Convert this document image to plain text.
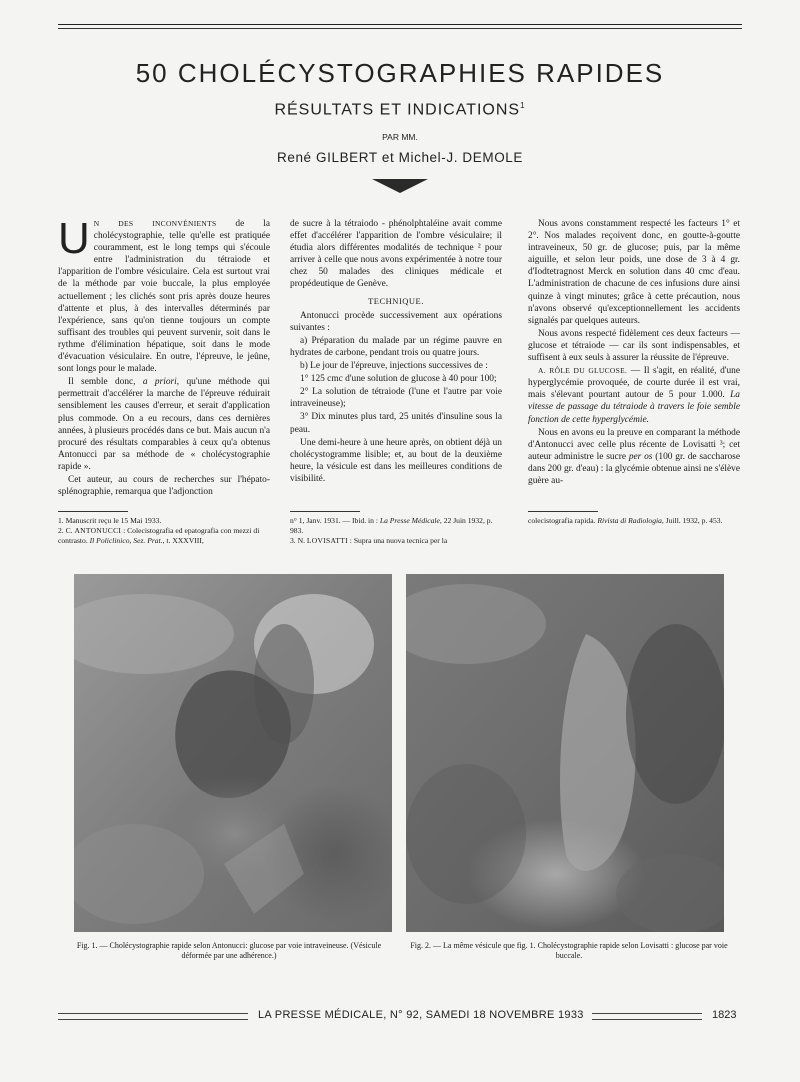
50 CHOLÉCYSTOGRAPHIES RAPIDES
RÉSULTATS ET INDICATIONS$^1$
PAR MM.
René GILBERT et Michel-J. DEMOLE

U N DES INCONVÉNIENTS de la cholécystographie, telle qu'elle est pratiquée couramment, est le long temps qui s'écoule entre l'administration du tétraiode et l'apparition de l'ombre vésiculaire. Cela est surtout vrai de la méthode par voie buccale, la plus employée actuellement ; les clichés sont pris après douze heures d'attente et plus, à des intervalles déterminés par l'expérience, sans qu'on tienne toujours un compte suffisant des troubles qui peuvent survenir, soit dans le rythme d'élimination hépatique, soit dans le mode d'évacuation vésiculaire. En outre, l'épreuve, le jeûne, sont longs pour le malade.

Il semble donc, a priori, qu'une méthode qui permettrait d'accélérer la marche de l'épreuve réduirait sensiblement les causes d'erreur, et serait d'application plus commode. On a eu recours, dans ces dernières années, à plusieurs procédés dans ce but. Mais aucun n'a procuré des résultats comparables à ceux qu'a obtenus Antonucci par sa méthode de « cholécystographie rapide ».

Cet auteur, au cours de recherches sur l'hépato-splénographie, remarqua que l'adjonction

de sucre à la tétraiodo - phénolphtaléine avait comme effet d'accélérer l'apparition de l'ombre vésiculaire; il étudia alors différentes modalités de technique ² pour arriver à celle que nous avons expérimentée à notre tour chez 50 malades des cliniques médicale et propédeutique de Genève.

TECHNIQUE.

Antonucci procède successivement aux opérations suivantes :

a) Préparation du malade par un régime pauvre en hydrates de carbone, pendant trois ou quatre jours.

b) Le jour de l'épreuve, injections successives de :

1° 125 cmc d'une solution de glucose à 40 pour 100;

2° La solution de tétraiode (l'une et l'autre par voie intraveineuse);

3° Dix minutes plus tard, 25 unités d'insuline sous la peau.

Une demi-heure à une heure après, on obtient déjà un cholécystogramme lisible; et, au bout de la deuxième heure, la vésicule est dans les meilleures conditions de visibilité.

Nous avons constamment respecté les facteurs 1° et 2°. Nos malades reçoivent donc, en goutte-à-goutte intraveineux, 50 gr. de glucose; puis, par la même aiguille, et selon leur poids, une dose de 3 à 4 gr. d'Iodtetragnost Merck en solution dans 40 cmc d'eau. L'administration de chacune de ces infusions dure ainsi quinze à vingt minutes; grâce à cette précaution, nous n'avons observé qu'exceptionnellement les accidents signalés par quelques auteurs.

Nous avons respecté fidèlement ces deux facteurs — glucose et tétraiode — car ils sont indispensables, et suffisent à eux seuls à assurer la réussite de l'épreuve.

A. RÔLE DU GLUCOSE. — Il s'agit, en réalité, d'une hyperglycémie provoquée, de courte durée il est vrai, mais s'élevant pourtant autour de 5 pour 1.000. La vitesse de passage du tétraiode à travers le foie semble fonction de cette hyperglycémie.

Nous en avons eu la preuve en comparant la méthode d'Antonucci avec celle plus récente de Lovisatti ³; cet auteur administre le sucre per os (100 gr. de saccharose dans 200 gr. d'eau) : la glycémie obtenue ainsi ne s'élève guère au-

1. Manuscrit reçu le 15 Mai 1933.
2. C. ANTONUCCI : Colecistografia ed epatografia con mezzi di contrasto. Il Policlinico, Sez. Prat., t. XXXVIII,
n° 1, Janv. 1931. — Ibid. in : La Presse Médicale, 22 Juin 1932, p. 983.
3. N. LOVISATTI : Supra una nuova tecnica per la
colecistografia rapida. Rivista di Radiologia, Juill. 1932, p. 453.
Fig. 1. — Cholécystographie rapide selon Antonucci: glucose par voie intraveineuse. (Vésicule déformée par une adhérence.)
Fig. 2. — La même vésicule que fig. 1. Cholécystographie rapide selon Lovisatti : glucose par voie buccale.
LA PRESSE MÉDICALE, N° 92, SAMEDI 18 NOVEMBRE 1933	1823
